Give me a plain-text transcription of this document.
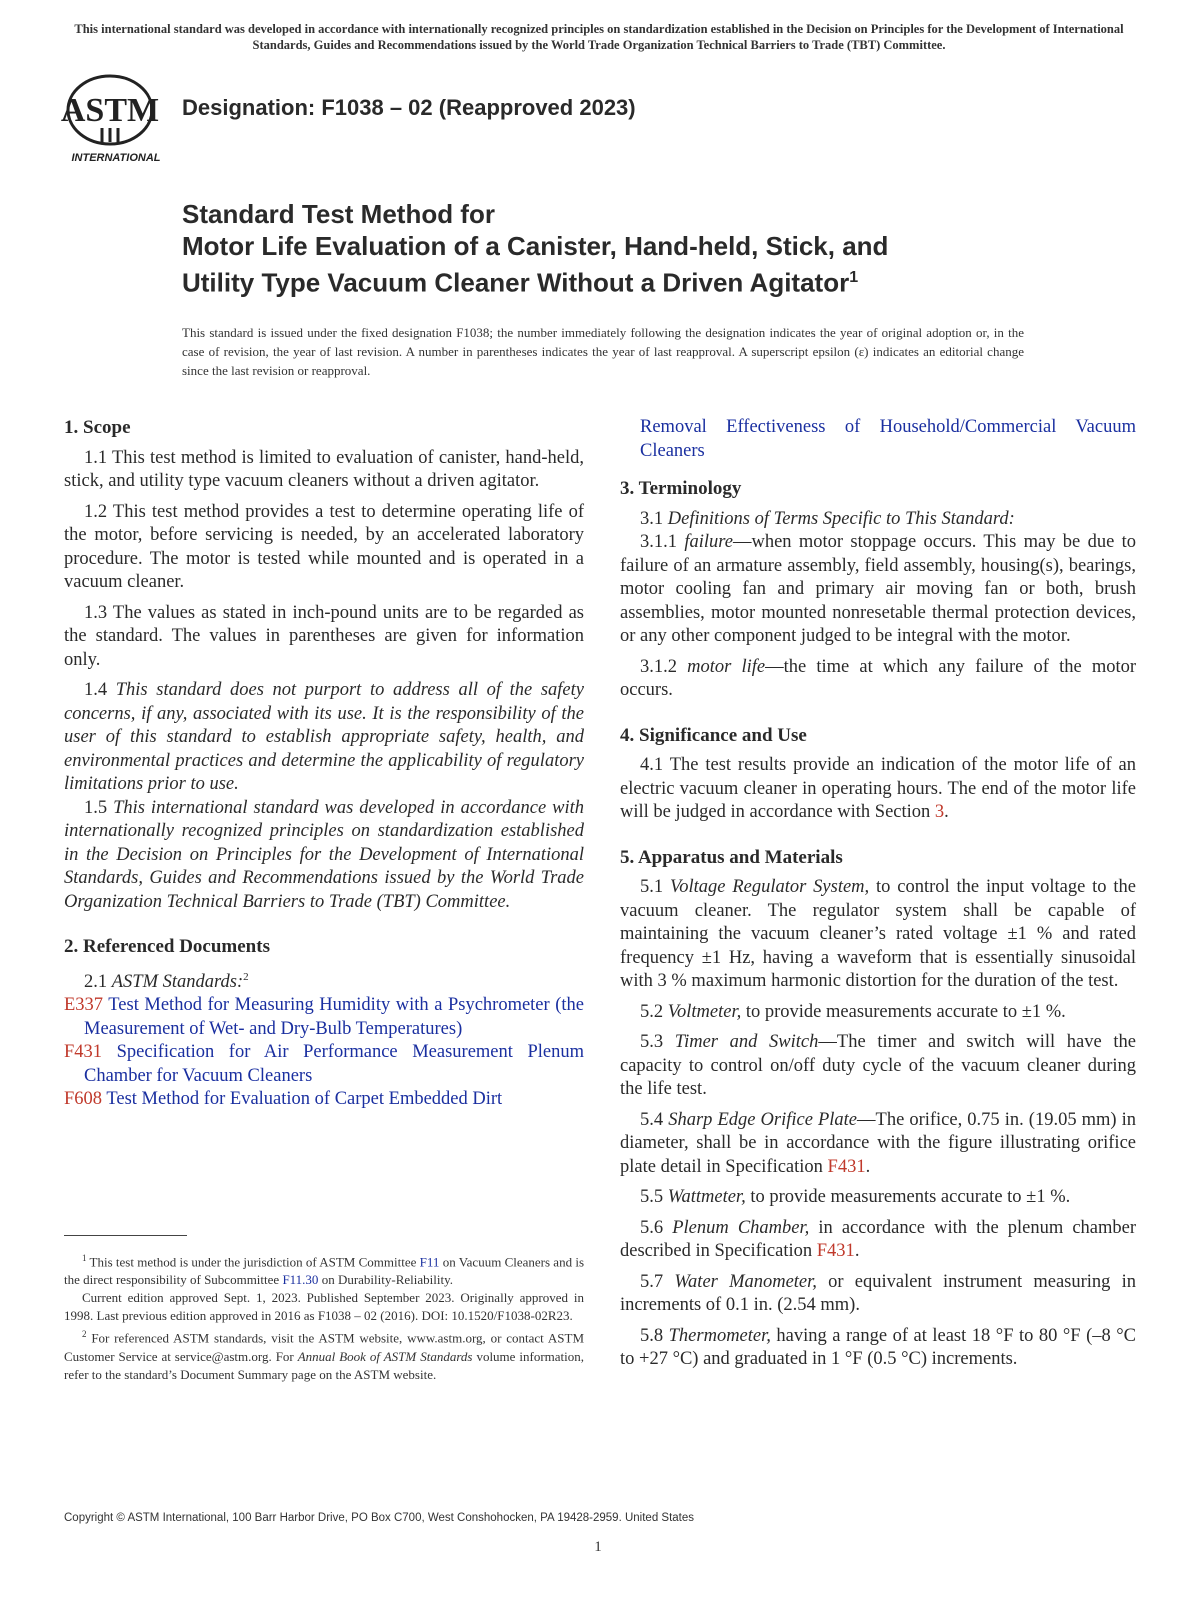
This international standard was developed in accordance with internationally recognized principles on standardization established in the Decision on Principles for the Development of International Standards, Guides and Recommendations issued by the World Trade Organization Technical Barriers to Trade (TBT) Committee.
ASTM
INTERNATIONAL
Designation: F1038 – 02 (Reapproved 2023)
Standard Test Method for
Motor Life Evaluation of a Canister, Hand-held, Stick, and
Utility Type Vacuum Cleaner Without a Driven Agitator$^1$
This standard is issued under the fixed designation F1038; the number immediately following the designation indicates the year of original adoption or, in the case of revision, the year of last revision. A number in parentheses indicates the year of last reapproval. A superscript epsilon (ε) indicates an editorial change since the last revision or reapproval.
1. Scope

1.1 This test method is limited to evaluation of canister, hand-held, stick, and utility type vacuum cleaners without a driven agitator.

1.2 This test method provides a test to determine operating life of the motor, before servicing is needed, by an accelerated laboratory procedure. The motor is tested while mounted and is operated in a vacuum cleaner.

1.3 The values as stated in inch-pound units are to be regarded as the standard. The values in parentheses are given for information only.

1.4 This standard does not purport to address all of the safety concerns, if any, associated with its use. It is the responsibility of the user of this standard to establish appropriate safety, health, and environmental practices and determine the applicability of regulatory limitations prior to use.

1.5 This international standard was developed in accordance with internationally recognized principles on standardization established in the Decision on Principles for the Development of International Standards, Guides and Recommendations issued by the World Trade Organization Technical Barriers to Trade (TBT) Committee.

2. Referenced Documents

2.1 ASTM Standards:$^2$

E337 Test Method for Measuring Humidity with a Psychrometer (the Measurement of Wet- and Dry-Bulb Temperatures)

F431 Specification for Air Performance Measurement Plenum Chamber for Vacuum Cleaners

F608 Test Method for Evaluation of Carpet Embedded Dirt

$^1$ This test method is under the jurisdiction of ASTM Committee F11 on Vacuum Cleaners and is the direct responsibility of Subcommittee F11.30 on Durability-Reliability.

Current edition approved Sept. 1, 2023. Published September 2023. Originally approved in 1998. Last previous edition approved in 2016 as F1038 – 02 (2016). DOI: 10.1520/F1038-02R23.

$^2$ For referenced ASTM standards, visit the ASTM website, www.astm.org, or contact ASTM Customer Service at service@astm.org. For Annual Book of ASTM Standards volume information, refer to the standard’s Document Summary page on the ASTM website.

Removal Effectiveness of Household/Commercial Vacuum Cleaners

3. Terminology

3.1 Definitions of Terms Specific to This Standard:

3.1.1 failure—when motor stoppage occurs. This may be due to failure of an armature assembly, field assembly, housing(s), bearings, motor cooling fan and primary air moving fan or both, brush assemblies, motor mounted nonresetable thermal protection devices, or any other component judged to be integral with the motor.

3.1.2 motor life—the time at which any failure of the motor occurs.

4. Significance and Use

4.1 The test results provide an indication of the motor life of an electric vacuum cleaner in operating hours. The end of the motor life will be judged in accordance with Section 3.

5. Apparatus and Materials

5.1 Voltage Regulator System, to control the input voltage to the vacuum cleaner. The regulator system shall be capable of maintaining the vacuum cleaner’s rated voltage ±1 % and rated frequency ±1 Hz, having a waveform that is essentially sinusoidal with 3 % maximum harmonic distortion for the duration of the test.

5.2 Voltmeter, to provide measurements accurate to ±1 %.

5.3 Timer and Switch—The timer and switch will have the capacity to control on/off duty cycle of the vacuum cleaner during the life test.

5.4 Sharp Edge Orifice Plate—The orifice, 0.75 in. (19.05 mm) in diameter, shall be in accordance with the figure illustrating orifice plate detail in Specification F431.

5.5 Wattmeter, to provide measurements accurate to ±1 %.

5.6 Plenum Chamber, in accordance with the plenum chamber described in Specification F431.

5.7 Water Manometer, or equivalent instrument measuring in increments of 0.1 in. (2.54 mm).

5.8 Thermometer, having a range of at least 18 °F to 80 °F (–8 °C to +27 °C) and graduated in 1 °F (0.5 °C) increments.

Copyright © ASTM International, 100 Barr Harbor Drive, PO Box C700, West Conshohocken, PA 19428-2959. United States
1
